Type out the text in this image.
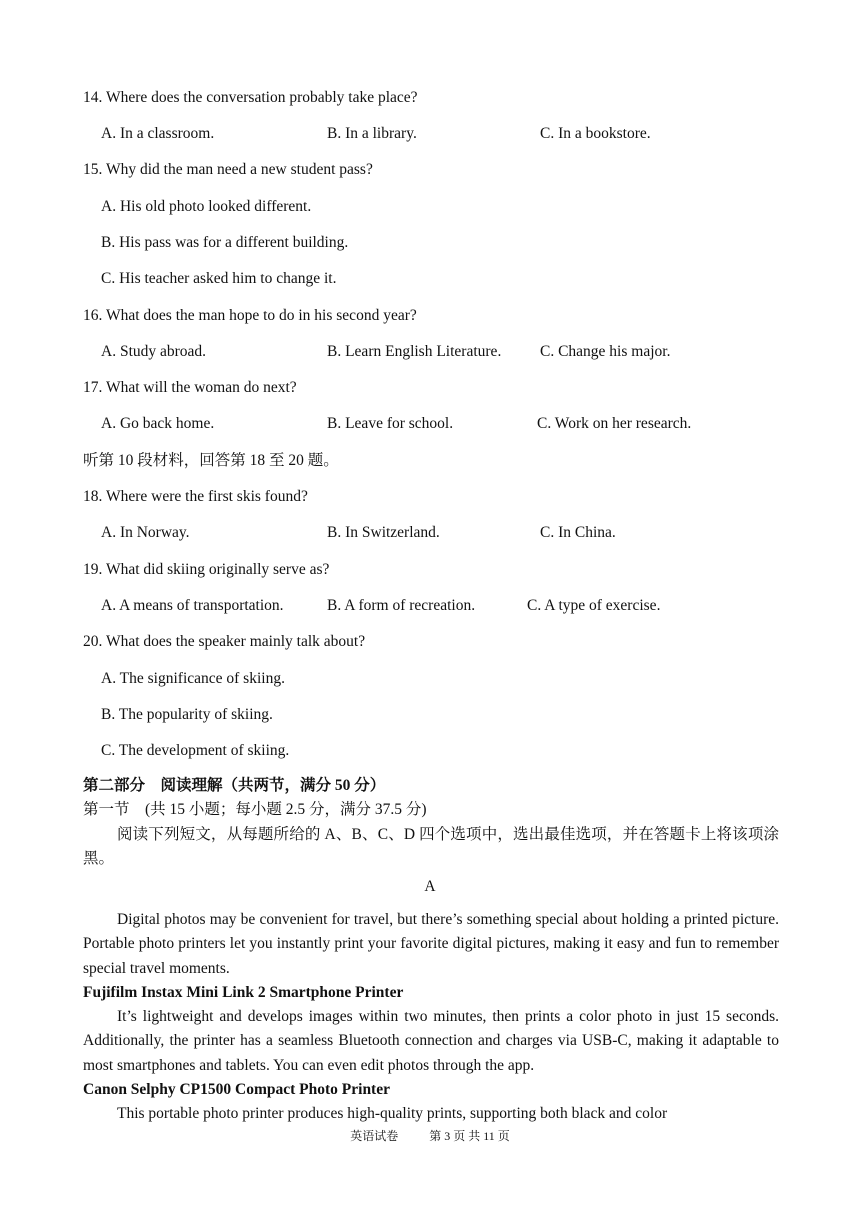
14. Where does the conversation probably take place?
A. In a classroom.	B. In a library.	C. In a bookstore.
15. Why did the man need a new student pass?
A. His old photo looked different.
B. His pass was for a different building.
C. His teacher asked him to change it.
16. What does the man hope to do in his second year?
A. Study abroad.	B. Learn English Literature. C. Change his major.
17. What will the woman do next?
A. Go back home.	B. Leave for school.	C. Work on her research.
听第 10 段材料，回答第 18 至 20 题。
18. Where were the first skis found?
A. In Norway.	B. In Switzerland.	C. In China.
19. What did skiing originally serve as?
A. A means of transportation.	B. A form of recreation.	C. A type of exercise.
20. What does the speaker mainly talk about?
A. The significance of skiing.
B. The popularity of skiing.
C. The development of skiing.
第二部分　阅读理解（共两节，满分 50 分）
第一节　(共 15 小题；每小题 2.5 分，满分 37.5 分)
阅读下列短文，从每题所给的 A、B、C、D 四个选项中，选出最佳选项，并在答题卡上将该项涂黑。
A
Digital photos may be convenient for travel, but there’s something special about holding a printed picture. Portable photo printers let you instantly print your favorite digital pictures, making it easy and fun to remember special travel moments.
Fujifilm Instax Mini Link 2 Smartphone Printer
It’s lightweight and develops images within two minutes, then prints a color photo in just 15 seconds. Additionally, the printer has a seamless Bluetooth connection and charges via USB-C, making it adaptable to most smartphones and tablets. You can even edit photos through the app.
Canon Selphy CP1500 Compact Photo Printer
This portable photo printer produces high-quality prints, supporting both black and color
英语试卷	第 3 页 共 11 页
